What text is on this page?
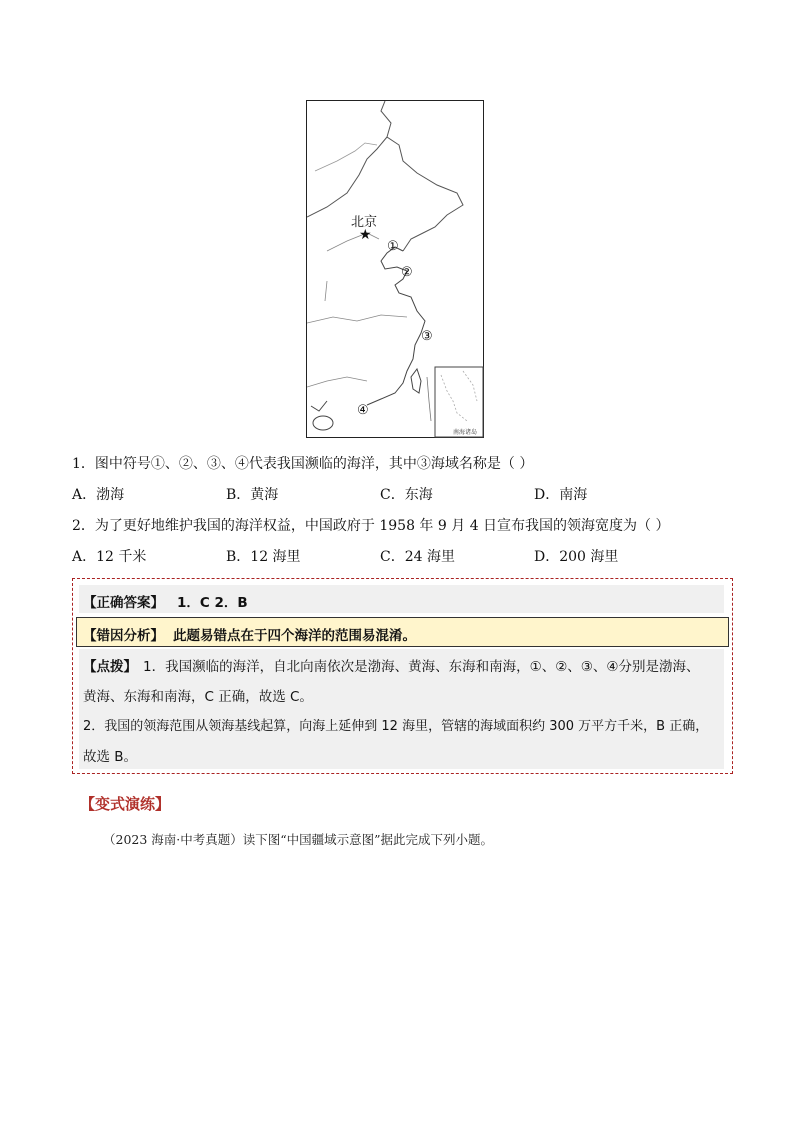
北京
★
①
②
③
④
南海诸岛
1．图中符号①、②、③、④代表我国濒临的海洋，其中③海域名称是（ ）
A．渤海	B．黄海	C．东海	D．南海
2．为了更好地维护我国的海洋权益，中国政府于 1958 年 9 月 4 日宣布我国的领海宽度为（ ）
A．12 千米	B．12 海里	C．24 海里	D．200 海里
【正确答案】 1．C 2．B
【错因分析】 此题易错点在于四个海洋的范围易混淆。
【点拨】 1．我国濒临的海洋，自北向南依次是渤海、黄海、东海和南海，①、②、③、④分别是渤海、
黄海、东海和南海，C 正确，故选 C。
2．我国的领海范围从领海基线起算，向海上延伸到 12 海里，管辖的海域面积约 300 万平方千米，B 正确，
故选 B。
【变式演练】
（2023 海南·中考真题）读下图“中国疆域示意图”据此完成下列小题。
